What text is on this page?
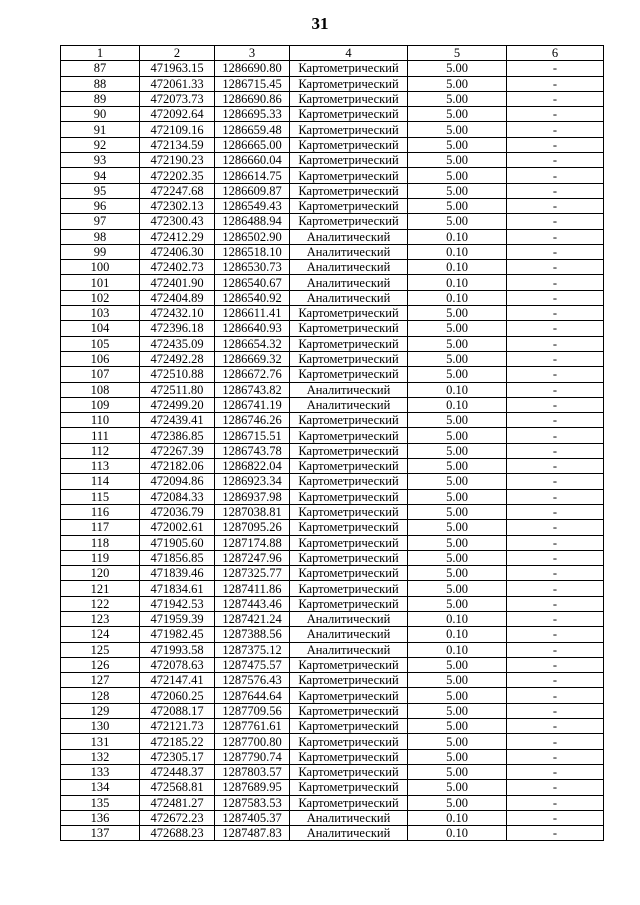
31
1	2	3	4	5	6
87	471963.15	1286690.80	Картометрический	5.00	-
88	472061.33	1286715.45	Картометрический	5.00	-
89	472073.73	1286690.86	Картометрический	5.00	-
90	472092.64	1286695.33	Картометрический	5.00	-
91	472109.16	1286659.48	Картометрический	5.00	-
92	472134.59	1286665.00	Картометрический	5.00	-
93	472190.23	1286660.04	Картометрический	5.00	-
94	472202.35	1286614.75	Картометрический	5.00	-
95	472247.68	1286609.87	Картометрический	5.00	-
96	472302.13	1286549.43	Картометрический	5.00	-
97	472300.43	1286488.94	Картометрический	5.00	-
98	472412.29	1286502.90	Аналитический	0.10	-
99	472406.30	1286518.10	Аналитический	0.10	-
100	472402.73	1286530.73	Аналитический	0.10	-
101	472401.90	1286540.67	Аналитический	0.10	-
102	472404.89	1286540.92	Аналитический	0.10	-
103	472432.10	1286611.41	Картометрический	5.00	-
104	472396.18	1286640.93	Картометрический	5.00	-
105	472435.09	1286654.32	Картометрический	5.00	-
106	472492.28	1286669.32	Картометрический	5.00	-
107	472510.88	1286672.76	Картометрический	5.00	-
108	472511.80	1286743.82	Аналитический	0.10	-
109	472499.20	1286741.19	Аналитический	0.10	-
110	472439.41	1286746.26	Картометрический	5.00	-
111	472386.85	1286715.51	Картометрический	5.00	-
112	472267.39	1286743.78	Картометрический	5.00	-
113	472182.06	1286822.04	Картометрический	5.00	-
114	472094.86	1286923.34	Картометрический	5.00	-
115	472084.33	1286937.98	Картометрический	5.00	-
116	472036.79	1287038.81	Картометрический	5.00	-
117	472002.61	1287095.26	Картометрический	5.00	-
118	471905.60	1287174.88	Картометрический	5.00	-
119	471856.85	1287247.96	Картометрический	5.00	-
120	471839.46	1287325.77	Картометрический	5.00	-
121	471834.61	1287411.86	Картометрический	5.00	-
122	471942.53	1287443.46	Картометрический	5.00	-
123	471959.39	1287421.24	Аналитический	0.10	-
124	471982.45	1287388.56	Аналитический	0.10	-
125	471993.58	1287375.12	Аналитический	0.10	-
126	472078.63	1287475.57	Картометрический	5.00	-
127	472147.41	1287576.43	Картометрический	5.00	-
128	472060.25	1287644.64	Картометрический	5.00	-
129	472088.17	1287709.56	Картометрический	5.00	-
130	472121.73	1287761.61	Картометрический	5.00	-
131	472185.22	1287700.80	Картометрический	5.00	-
132	472305.17	1287790.74	Картометрический	5.00	-
133	472448.37	1287803.57	Картометрический	5.00	-
134	472568.81	1287689.95	Картометрический	5.00	-
135	472481.27	1287583.53	Картометрический	5.00	-
136	472672.23	1287405.37	Аналитический	0.10	-
137	472688.23	1287487.83	Аналитический	0.10	-
